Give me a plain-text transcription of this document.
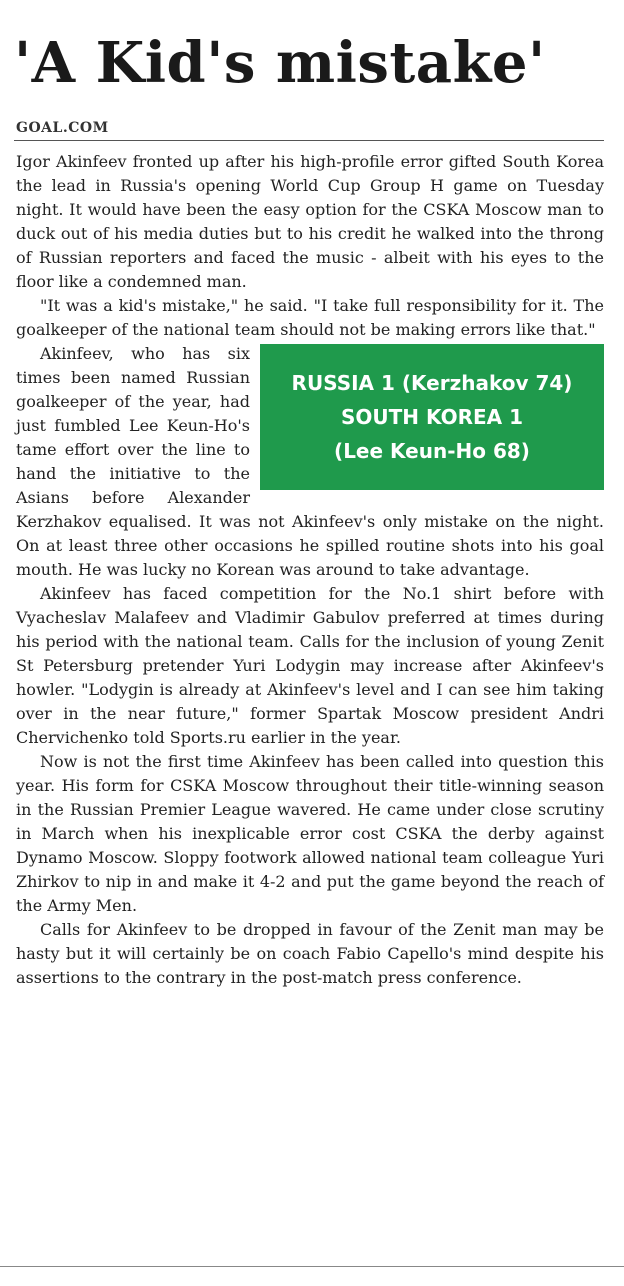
'A Kid's mistake'
GOAL.COM

Igor Akinfeev fronted up after his high-profile error gifted South Korea the lead in Russia's opening World Cup Group H game on Tuesday night. It would have been the easy option for the CSKA Moscow man to duck out of his media duties but to his credit he walked into the throng of Russian reporters and faced the music - albeit with his eyes to the floor like a condemned man.

"It was a kid's mistake," he said. "I take full responsibility for it. The goalkeeper of the national team should not be making errors like that."

RUSSIA 1 (Kerzhakov 74)
SOUTH KOREA 1
(Lee Keun-Ho 68)

Akinfeev, who has six times been named Russian goalkeeper of the year, had just fumbled Lee Keun-Ho's tame effort over the line to hand the initiative to the Asians before Alexander Kerzhakov equalised. It was not Akinfeev's only mistake on the night. On at least three other occasions he spilled routine shots into his goal mouth. He was lucky no Korean was around to take advantage.

Akinfeev has faced competition for the No.1 shirt before with Vyacheslav Malafeev and Vladimir Gabulov preferred at times during his period with the national team. Calls for the inclusion of young Zenit St Petersburg pretender Yuri Lodygin may increase after Akinfeev's howler. "Lodygin is already at Akinfeev's level and I can see him taking over in the near future," former Spartak Moscow president Andri Chervichenko told Sports.ru earlier in the year.

Now is not the first time Akinfeev has been called into question this year. His form for CSKA Moscow throughout their title-winning season in the Russian Premier League wavered. He came under close scrutiny in March when his inexplicable error cost CSKA the derby against Dynamo Moscow. Sloppy footwork allowed national team colleague Yuri Zhirkov to nip in and make it 4-2 and put the game beyond the reach of the Army Men.

Calls for Akinfeev to be dropped in favour of the Zenit man may be hasty but it will certainly be on coach Fabio Capello's mind despite his assertions to the contrary in the post-match press conference.
